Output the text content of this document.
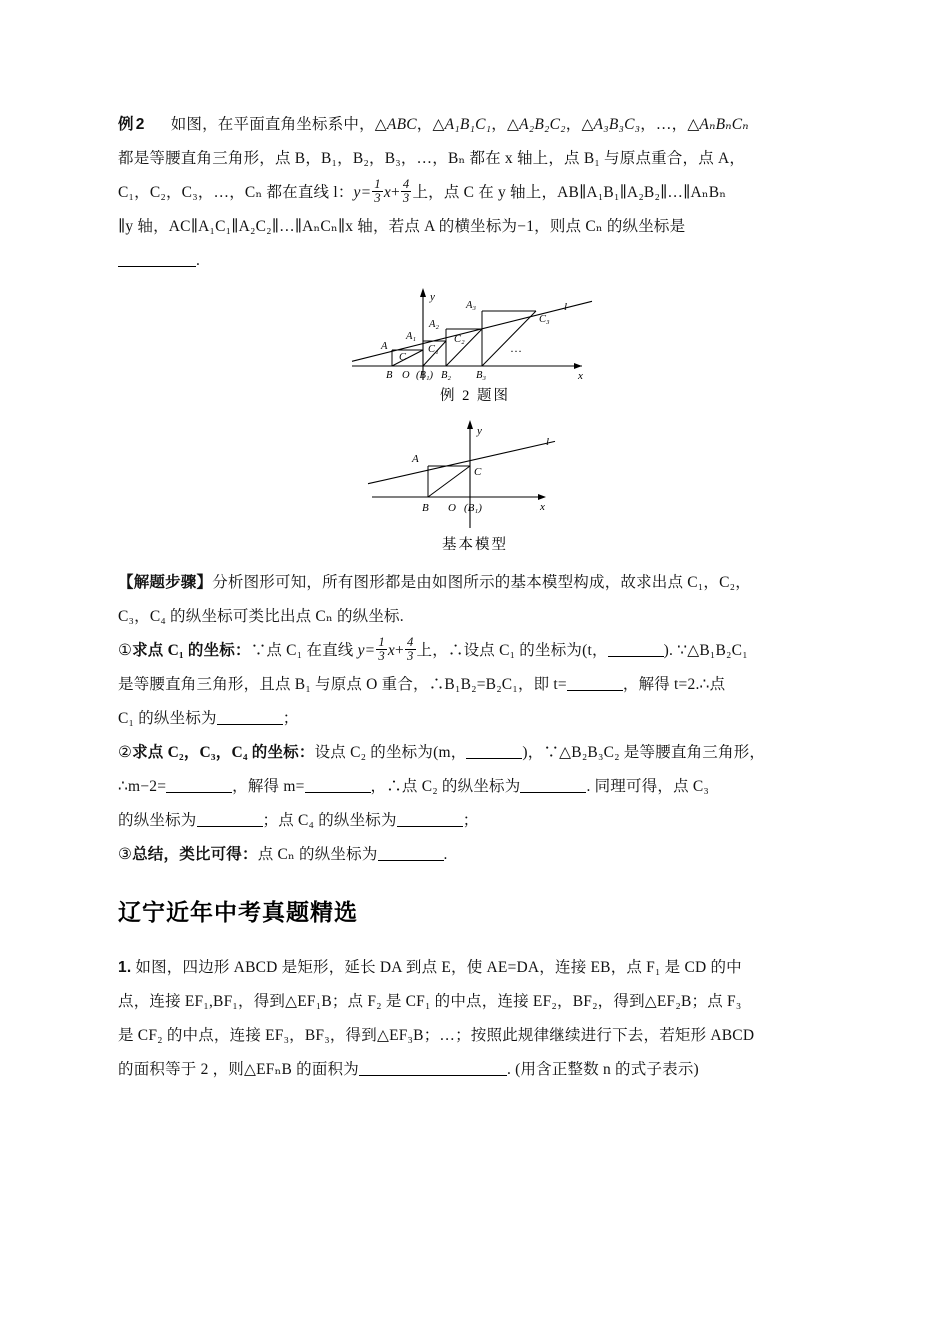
例 2 如图，在平面直角坐标系中，△ABC，△A₁B₁C₁，△A₂B₂C₂，△A₃B₃C₃，…，△AₙBₙCₙ
都是等腰直角三角形，点 B，B₁，B₂，B₃，…，Bₙ 都在 x 轴上，点 B₁ 与原点重合，点 A，
C₁，C₂，C₃，…，Cₙ 都在直线 l：$y= \frac{1}{3} x+ \frac{4}{3}$ 上，点 C 在 y 轴上，AB∥A₁B₁∥A₂B₂∥…∥AₙBₙ
∥y 轴，AC∥A₁C₁∥A₂C₂∥…∥AₙCₙ∥x 轴，若点 A 的横坐标为−1，则点 Cₙ 的纵坐标是
.
l
x
y
A
A₁
A₂
A₃
C
C₁
C₂
C₃
B O (B₁) B₂ B₃
…
例 2 题图
l
x
y
A
C
B O (B₁)
基本模型
【解题步骤】分析图形可知，所有图形都是由如图所示的基本模型构成，故求出点 C₁，C₂，
C₃，C₄ 的纵坐标可类比出点 Cₙ 的纵坐标.
①求点 C₁ 的坐标：∵点 C₁ 在直线 $y= \frac{1}{3} x+ \frac{4}{3}$ 上，∴设点 C₁ 的坐标为(t，	). ∵△B₁B₂C₁
是等腰直角三角形，且点 B₁ 与原点 O 重合，∴B₁B₂=B₂C₁，即 t=	，解得 t=2.∴点
C₁ 的纵坐标为	；
②求点 C₂，C₃，C₄ 的坐标：设点 C₂ 的坐标为(m，	)，∵△B₂B₃C₂ 是等腰直角三角形，
∴m−2=	，解得 m=	，∴点 C₂ 的纵坐标为	. 同理可得，点 C₃
的纵坐标为	；点 C₄ 的纵坐标为	；
③总结，类比可得：点 Cₙ 的纵坐标为	.
辽宁近年中考真题精选
1. 如图，四边形 ABCD 是矩形，延长 DA 到点 E，使 AE=DA，连接 EB，点 F₁ 是 CD 的中
点，连接 EF₁,BF₁，得到△EF₁B；点 F₂ 是 CF₁ 的中点，连接 EF₂，BF₂，得到△EF₂B；点 F₃
是 CF₂ 的中点，连接 EF₃，BF₃，得到△EF₃B；…；按照此规律继续进行下去，若矩形 ABCD
的面积等于 2 ，则△EFₙB 的面积为	. (用含正整数 n 的式子表示)
